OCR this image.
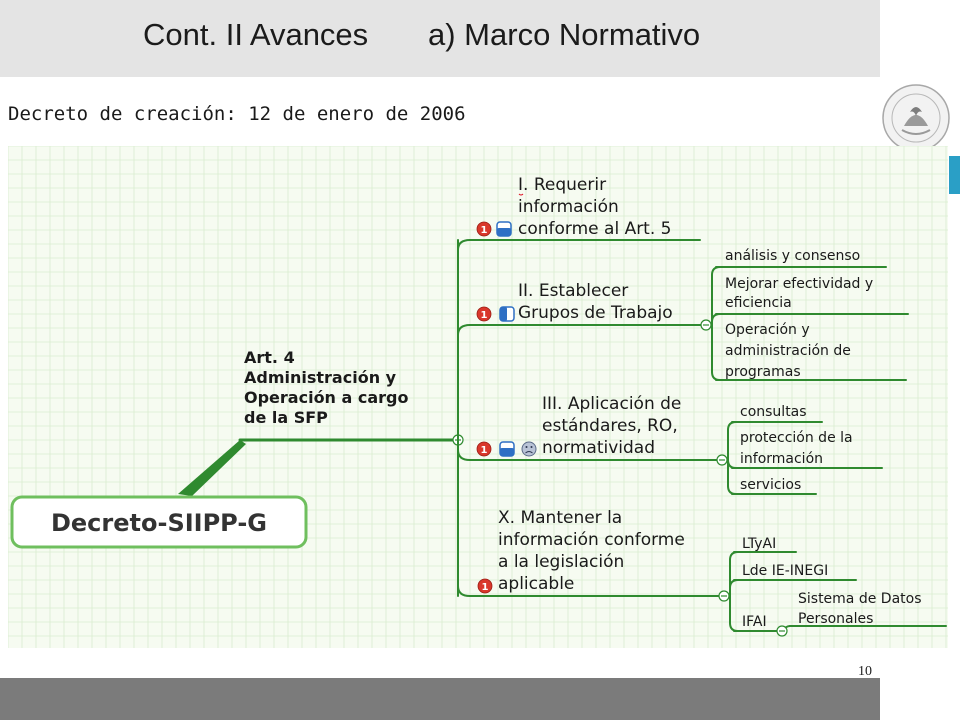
Cont. II Avances a) Marco Normativo
Decreto de creación: 12 de enero de 2006
Decreto-SIIPP-G
Art. 4
Administración y
Operación a cargo
de la SFP
I. Requerir
información
conforme al Art. 5
1
II. Establecer
Grupos de Trabajo
1
análisis y consenso
Mejorar efectividad y
eficiencia
Operación y
administración de
programas
III. Aplicación de
estándares, RO,
normatividad
1
consultas
protección de la
información
servicios
X. Mantener la
información conforme
a la legislación
aplicable
1
LTyAI
Lde IE-INEGI
IFAI
Sistema de Datos
Personales
10
